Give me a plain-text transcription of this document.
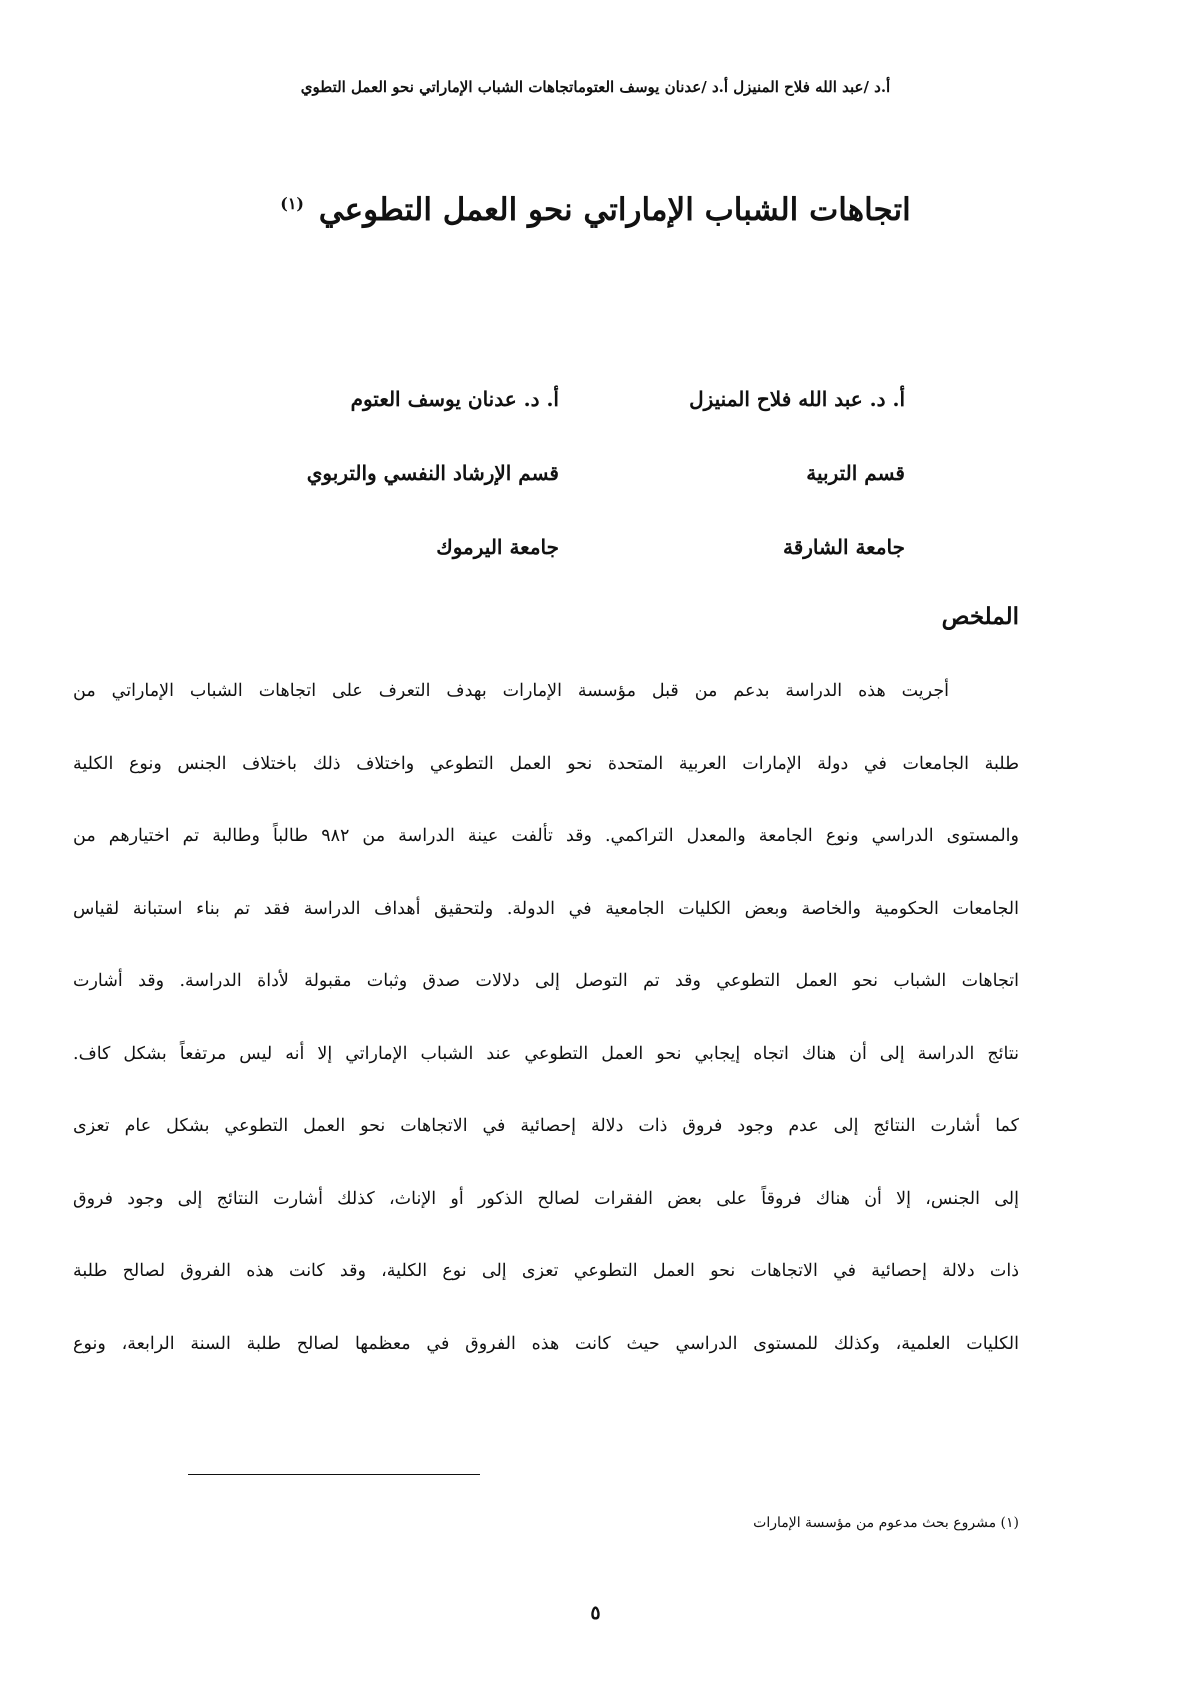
أ.د /عبد الله فلاح المنيزل أ.د /عدنان يوسف العتوماتجاهات الشباب الإماراتي نحو العمل التطوي
اتجاهات الشباب الإماراتي نحو العمل التطوعي $^{(١)}$
أ. د. عبد الله فلاح المنيزل
قسم التربية
جامعة الشارقة
أ. د. عدنان يوسف العتوم
قسم الإرشاد النفسي والتربوي
جامعة اليرموك
الملخص
أجريت هذه الدراسة بدعم من قبل مؤسسة الإمارات بهدف التعرف على اتجاهات الشباب الإماراتي من
طلبة الجامعات في دولة الإمارات العربية المتحدة نحو العمل التطوعي واختلاف ذلك باختلاف الجنس ونوع الكلية
والمستوى الدراسي ونوع الجامعة والمعدل التراكمي. وقد تألفت عينة الدراسة من ٩٨٢ طالباً وطالبة تم اختيارهم من
الجامعات الحكومية والخاصة وبعض الكليات الجامعية في الدولة. ولتحقيق أهداف الدراسة فقد تم بناء استبانة لقياس
اتجاهات الشباب نحو العمل التطوعي وقد تم التوصل إلى دلالات صدق وثبات مقبولة لأداة الدراسة. وقد أشارت
نتائج الدراسة إلى أن هناك اتجاه إيجابي نحو العمل التطوعي عند الشباب الإماراتي إلا أنه ليس مرتفعاً بشكل كاف.
كما أشارت النتائج إلى عدم وجود فروق ذات دلالة إحصائية في الاتجاهات نحو العمل التطوعي بشكل عام تعزى
إلى الجنس، إلا أن هناك فروقاً على بعض الفقرات لصالح الذكور أو الإناث، كذلك أشارت النتائج إلى وجود فروق
ذات دلالة إحصائية في الاتجاهات نحو العمل التطوعي تعزى إلى نوع الكلية، وقد كانت هذه الفروق لصالح طلبة
الكليات العلمية، وكذلك للمستوى الدراسي حيث كانت هذه الفروق في معظمها لصالح طلبة السنة الرابعة، ونوع
(١) مشروع بحث مدعوم من مؤسسة الإمارات
٥
